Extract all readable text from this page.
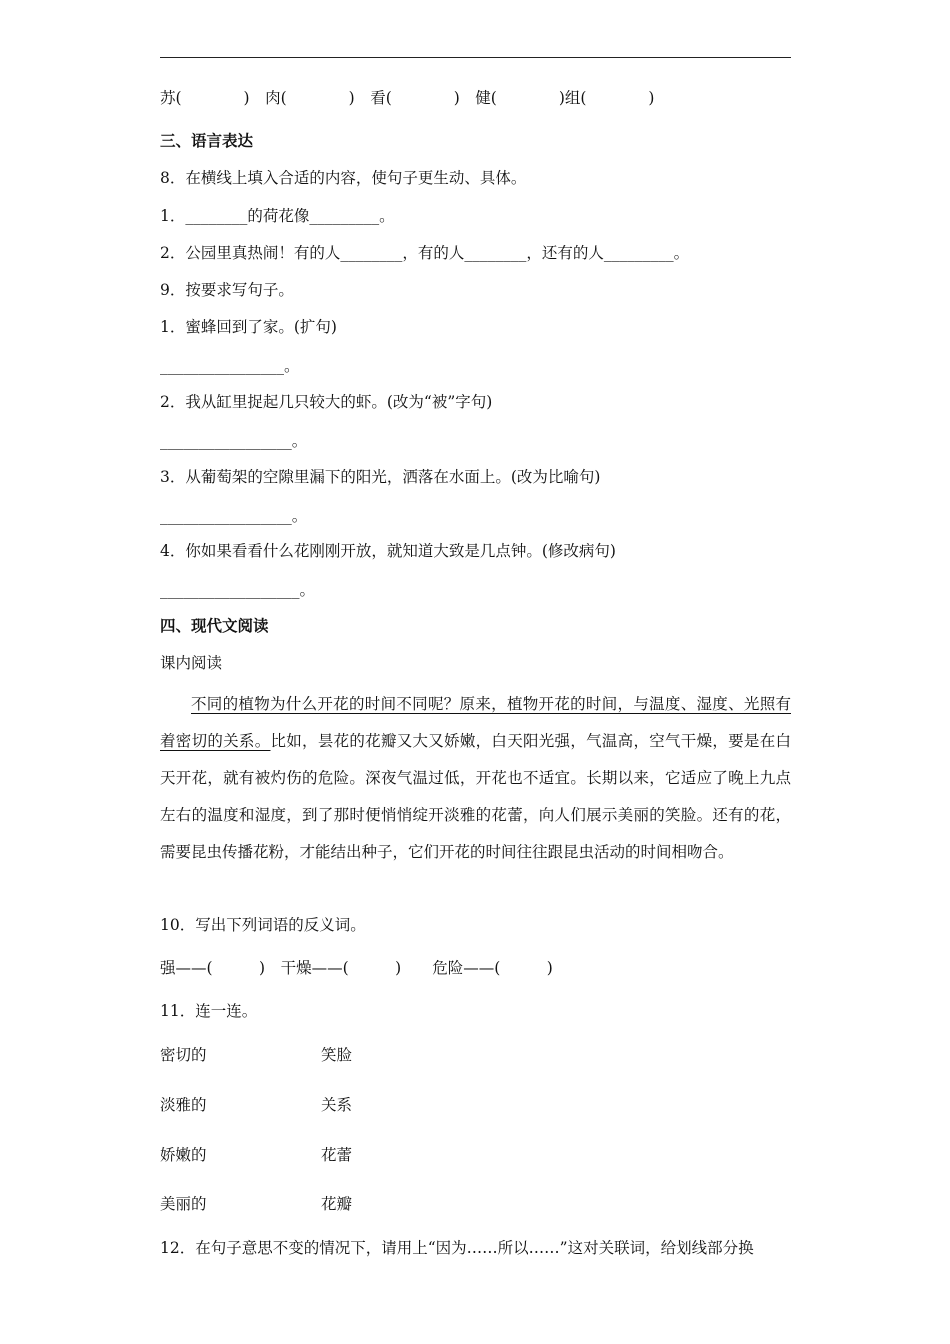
苏(　　　　)　肉(　　　　)　看(　　　　)　健(　　　　)组(　　　　)
三、语言表达
8．在横线上填入合适的内容，使句子更生动、具体。
1．________的荷花像_________。
2．公园里真热闹！有的人________，有的人________，还有的人_________。
9．按要求写句子。
1．蜜蜂回到了家。(扩句)
________________。
2．我从缸里捉起几只较大的虾。(改为“被”字句)
_________________。
3．从葡萄架的空隙里漏下的阳光，洒落在水面上。(改为比喻句)
_________________。
4．你如果看看什么花刚刚开放，就知道大致是几点钟。(修改病句)
__________________。
四、现代文阅读
课内阅读

不同的植物为什么开花的时间不同呢？原来，植物开花的时间，与温度、湿度、光照有着密切的关系。比如，昙花的花瓣又大又娇嫩，白天阳光强，气温高，空气干燥，要是在白天开花，就有被灼伤的危险。深夜气温过低，开花也不适宜。长期以来，它适应了晚上九点左右的温度和湿度，到了那时便悄悄绽开淡雅的花蕾，向人们展示美丽的笑脸。还有的花，需要昆虫传播花粉，才能结出种子，它们开花的时间往往跟昆虫活动的时间相吻合。

10．写出下列词语的反义词。
强——(　　　)　干燥——(　　　)　　危险——(　　　)
11．连一连。
密切的	笑脸
淡雅的	关系
娇嫩的	花蕾
美丽的	花瓣
12．在句子意思不变的情况下，请用上“因为……所以……”这对关联词，给划线部分换
